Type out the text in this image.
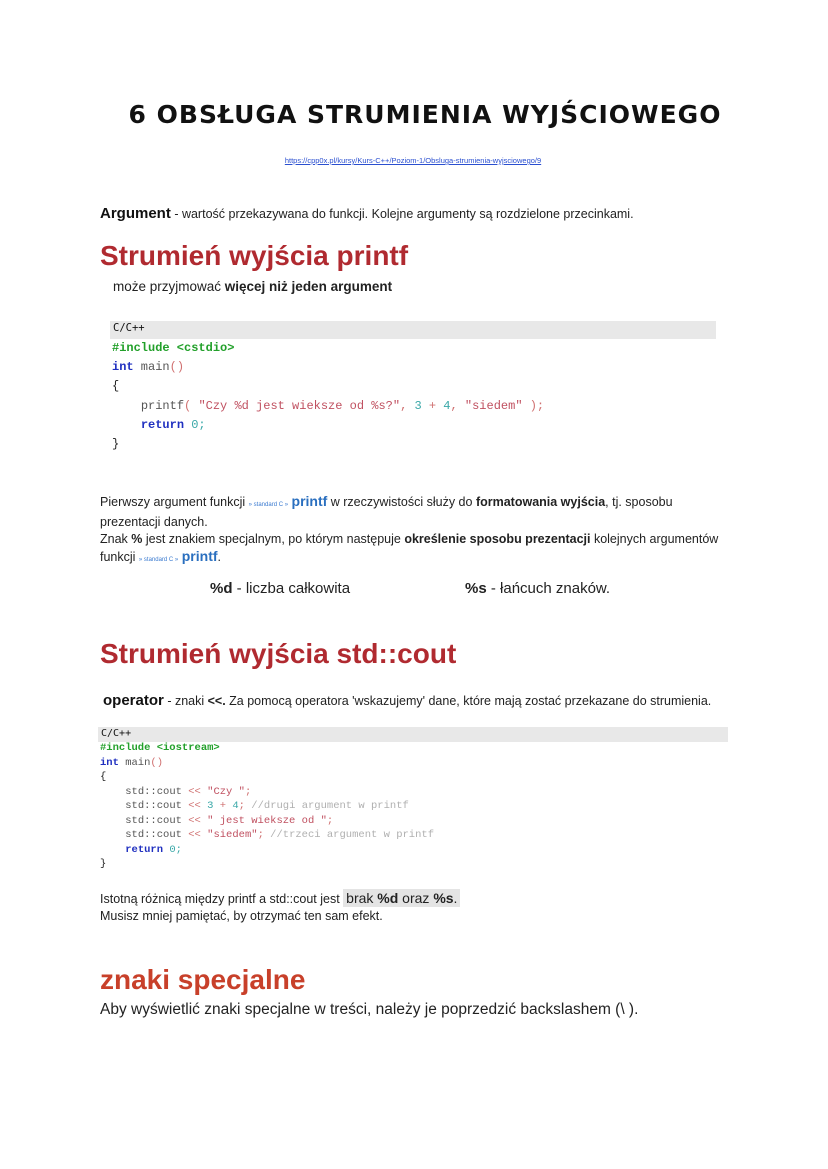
6 OBSŁUGA STRUMIENIA WYJŚCIOWEGO
https://cpp0x.pl/kursy/Kurs-C++/Poziom-1/Obsluga-strumienia-wyjsciowego/9
Argument - wartość przekazywana do funkcji. Kolejne argumenty są rozdzielone przecinkami.
Strumień wyjścia printf
może przyjmować więcej niż jeden argument
C/C++
#include <cstdio>
int main()
{
printf( "Czy %d jest wieksze od %s?", 3 + 4, "siedem" );
return 0;
}
Pierwszy argument funkcji » standard C » printf w rzeczywistości służy do formatowania wyjścia, tj. sposobu prezentacji danych.
Znak % jest znakiem specjalnym, po którym następuje określenie sposobu prezentacji kolejnych argumentów funkcji » standard C » printf.
%d - liczba całkowita	%s - łańcuch znaków.
Strumień wyjścia std::cout
operator - znaki <<. Za pomocą operatora 'wskazujemy' dane, które mają zostać przekazane do strumienia.
C/C++
#include <iostream>
int main()
{
std::cout << "Czy ";
std::cout << 3 + 4; //drugi argument w printf
std::cout << " jest wieksze od ";
std::cout << "siedem"; //trzeci argument w printf
return 0;
}
Istotną różnicą między printf a std::cout jest brak %d oraz %s.
Musisz mniej pamiętać, by otrzymać ten sam efekt.
znaki specjalne
Aby wyświetlić znaki specjalne w treści, należy je poprzedzić backslashem (\ ).
